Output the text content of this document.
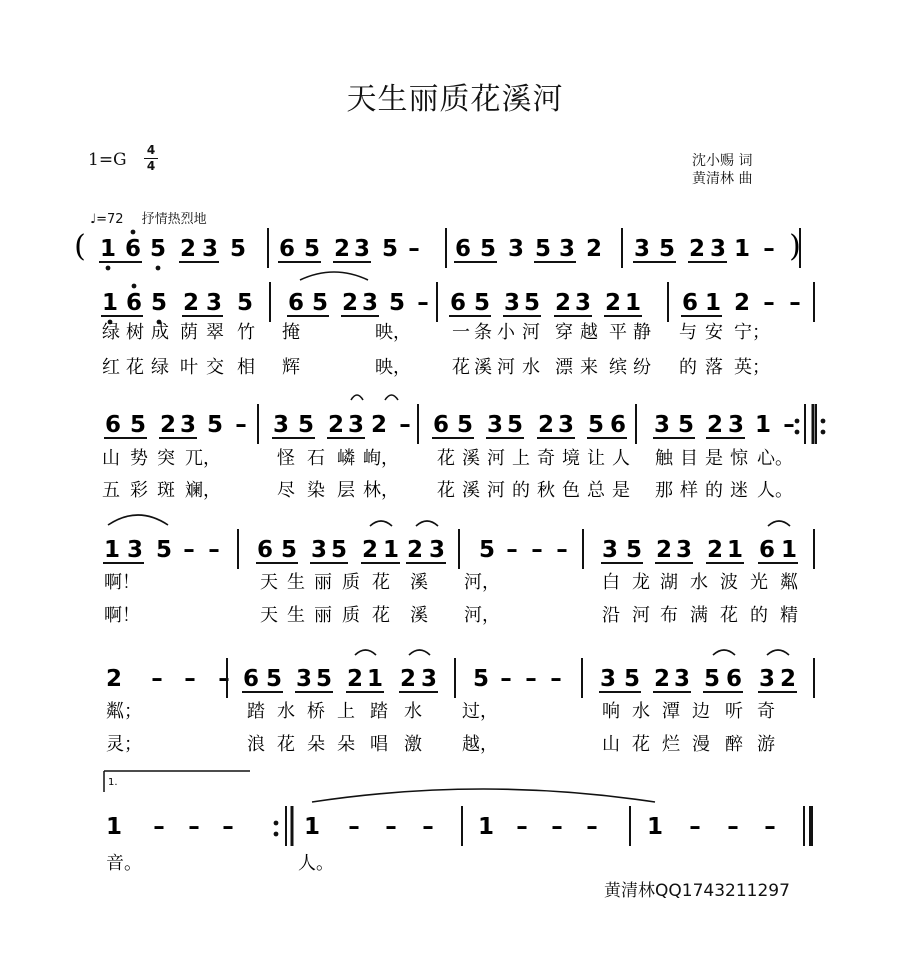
天生丽质花溪河
1=G 4
4	沈小赐 词
黄清林 曲
♩=72 抒情热烈地
(	)
1 6 5 2 3 5 6 5 2 3 5 – 6 5 3 5 3 2 3 5 2 3 1 –
1 6 5 2 3 5 6 5 2 3 5 – 6 5 3 5 2 3 2 1 6 1 2 – –
绿 树 成 荫 翠 竹 掩	映， 一 条 小 河 穿 越 平 静 与 安 宁；
红 花 绿 叶 交 相 辉	映， 花 溪 河 水 漂 来 缤 纷 的 落 英；
6 5 2 3 5 – 3 5 2 3 2 – 6 5 3 5 2 3 5 6 3 5 2 3 1 –
山 势 突 兀，	怪 石 嶙 峋， 花 溪 河 上 奇 境 让 人 触 目 是 惊 心。
五 彩 斑 斓，	尽 染 层 林， 花 溪 河 的 秋 色 总 是 那 样 的 迷 人。
1 3 5 – – 6 5 3 5 2 1 2 3 5 – – – 3 5 2 3 2 1 6 1
啊！	天 生 丽 质 花 溪 河，	白 龙 湖 水 波 光 粼
啊！	天 生 丽 质 花 溪 河，	沿 河 布 满 花 的 精
2 – – – 6 5 3 5 2 1 2 3 5 – – – 3 5 2 3 5 6 3 2
粼；	踏 水 桥 上 踏 水 过，	响 水 潭 边 听 奇
灵；	浪 花 朵 朵 唱 激 越，	山 花 烂 漫 醉 游
1 – – –	1 – – – 1 – – – 1 – – –
音。	人。
1.
黄清林QQ1743211297
